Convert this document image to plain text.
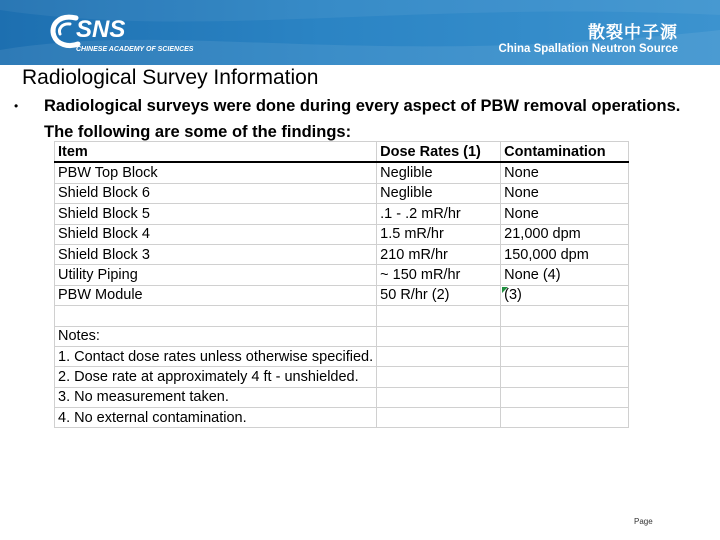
SNS
CHINESE ACADEMY OF SCIENCES
散裂中子源
China Spallation Neutron Source
Radiological Survey Information
• Radiological surveys were done during every aspect of PBW removal operations. The following are some of the findings:
Item	Dose Rates (1)	Contamination
PBW Top Block	Neglible	None
Shield Block 6	Neglible	None
Shield Block 5	.1 - .2 mR/hr	None
Shield Block 4	1.5 mR/hr	21,000 dpm
Shield Block 3	210 mR/hr	150,000 dpm
Utility Piping	~ 150 mR/hr	None (4)
PBW Module	50 R/hr (2)	(3)

Notes:		
1. Contact dose rates unless otherwise specified.		
2. Dose rate at approximately 4 ft - unshielded.		
3. No measurement taken.		
4. No external contamination.		
Page
